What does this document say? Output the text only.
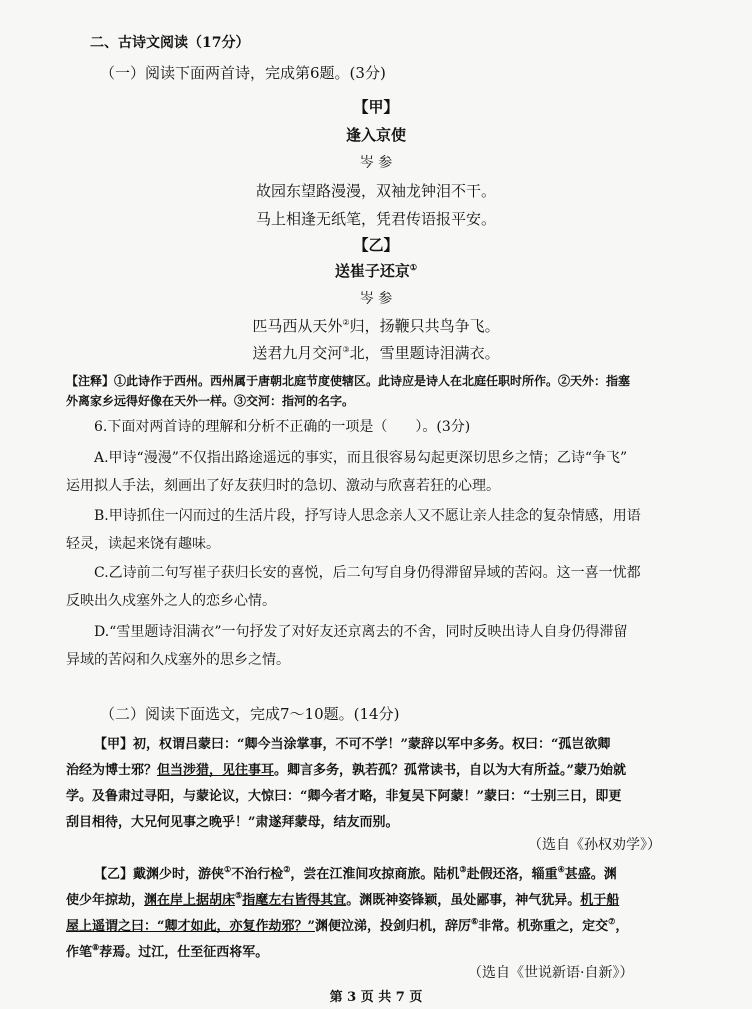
二、古诗文阅读（17分）
（一）阅读下面两首诗，完成第6题。(3分)
【甲】
逢入京使
岑 参
故园东望路漫漫，双袖龙钟泪不干。
马上相逢无纸笔，凭君传语报平安。
【乙】
送崔子还京①
岑 参
匹马西从天外②归，扬鞭只共鸟争飞。
送君九月交河③北，雪里题诗泪满衣。
【注释】①此诗作于西州。西州属于唐朝北庭节度使辖区。此诗应是诗人在北庭任职时所作。②天外：指塞
外离家乡远得好像在天外一样。③交河：指河的名字。
6.下面对两首诗的理解和分析不正确的一项是（　　）。(3分)
A.甲诗“漫漫”不仅指出路途遥远的事实，而且很容易勾起更深切思乡之情；乙诗“争飞”
运用拟人手法，刻画出了好友获归时的急切、激动与欣喜若狂的心理。
B.甲诗抓住一闪而过的生活片段，抒写诗人思念亲人又不愿让亲人挂念的复杂情感，用语
轻灵，读起来饶有趣味。
C.乙诗前二句写崔子获归长安的喜悦，后二句写自身仍得滞留异域的苦闷。这一喜一忧都
反映出久戍塞外之人的恋乡心情。
D.“雪里题诗泪满衣”一句抒发了对好友还京离去的不舍，同时反映出诗人自身仍得滞留
异域的苦闷和久戍塞外的思乡之情。
（二）阅读下面选文，完成7～10题。(14分)
【甲】初，权谓吕蒙曰：“卿今当涂掌事，不可不学！”蒙辞以军中多务。权曰：“孤岂欲卿
治经为博士邪？但当涉猎，见往事耳。卿言多务，孰若孤？孤常读书，自以为大有所益。”蒙乃始就
学。及鲁肃过寻阳，与蒙论议，大惊曰：“卿今者才略，非复吴下阿蒙！”蒙曰：“士别三日，即更
刮目相待，大兄何见事之晚乎！”肃遂拜蒙母，结友而别。
（选自《孙权劝学》）
【乙】戴渊少时，游侠①不治行检②，尝在江淮间攻掠商旅。陆机③赴假还洛，辎重④甚盛。渊
使少年掠劫，渊在岸上据胡床⑤指麾左右皆得其宜。渊既神姿锋颖，虽处鄙事，神气犹异。机于船
屋上遥谓之曰：“卿才如此，亦复作劫邪？”渊便泣涕，投剑归机，辞厉⑥非常。机弥重之，定交⑦，
作笔⑧荐焉。过江，仕至征西将军。
（选自《世说新语·自新》）
第 3 页 共 7 页
